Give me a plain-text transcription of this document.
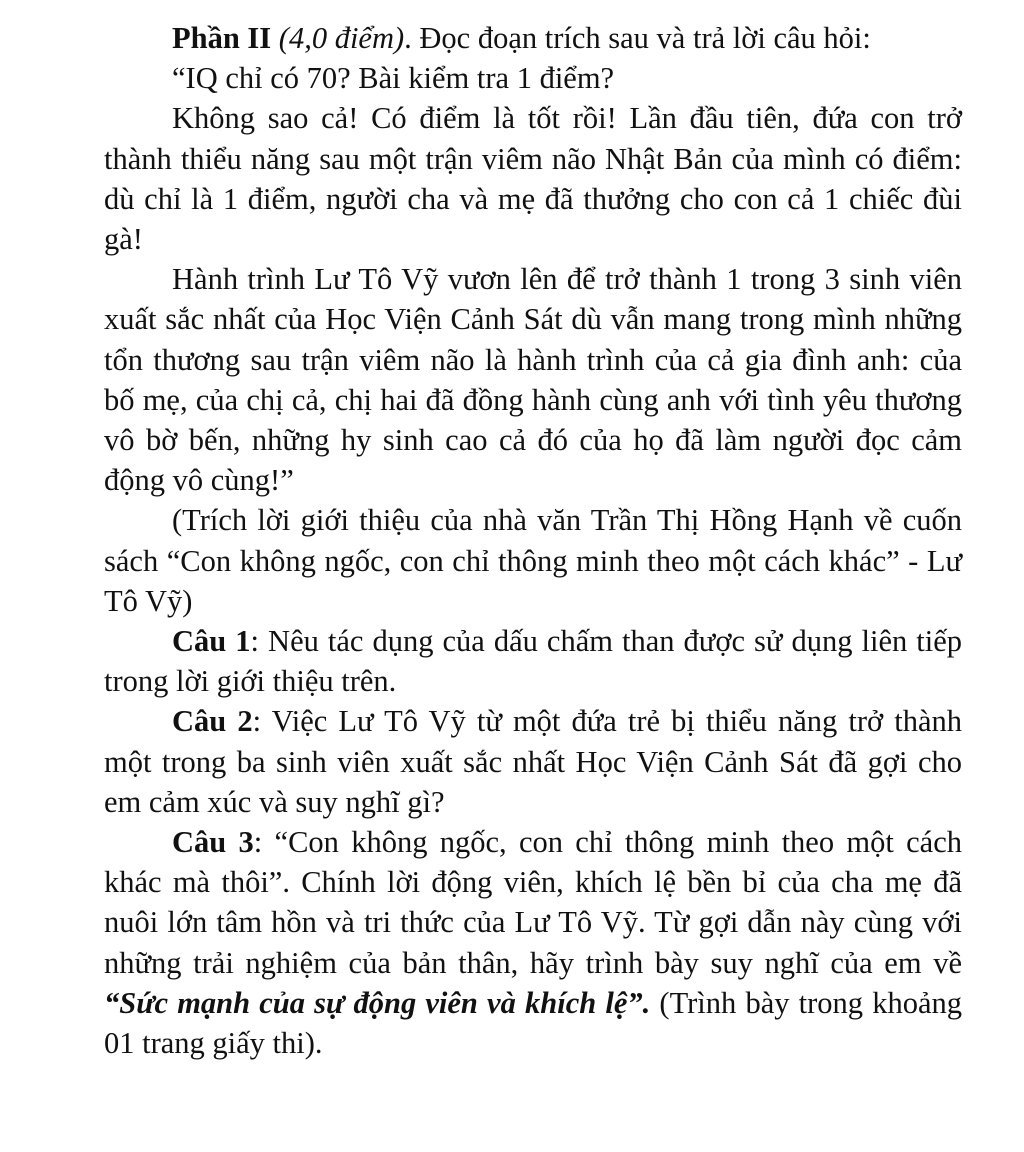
Phần II (4,0 điểm). Đọc đoạn trích sau và trả lời câu hỏi:

“IQ chỉ có 70? Bài kiểm tra 1 điểm?

Không sao cả! Có điểm là tốt rồi! Lần đầu tiên, đứa con trở thành thiểu năng sau một trận viêm não Nhật Bản của mình có điểm: dù chỉ là 1 điểm, người cha và mẹ đã thưởng cho con cả 1 chiếc đùi gà!

Hành trình Lư Tô Vỹ vươn lên để trở thành 1 trong 3 sinh viên xuất sắc nhất của Học Viện Cảnh Sát dù vẫn mang trong mình những tổn thương sau trận viêm não là hành trình của cả gia đình anh: của bố mẹ, của chị cả, chị hai đã đồng hành cùng anh với tình yêu thương vô bờ bến, những hy sinh cao cả đó của họ đã làm người đọc cảm động vô cùng!”

(Trích lời giới thiệu của nhà văn Trần Thị Hồng Hạnh về cuốn sách “Con không ngốc, con chỉ thông minh theo một cách khác” - Lư Tô Vỹ)

Câu 1: Nêu tác dụng của dấu chấm than được sử dụng liên tiếp trong lời giới thiệu trên.

Câu 2: Việc Lư Tô Vỹ từ một đứa trẻ bị thiểu năng trở thành một trong ba sinh viên xuất sắc nhất Học Viện Cảnh Sát đã gợi cho em cảm xúc và suy nghĩ gì?

Câu 3: “Con không ngốc, con chỉ thông minh theo một cách khác mà thôi”. Chính lời động viên, khích lệ bền bỉ của cha mẹ đã nuôi lớn tâm hồn và tri thức của Lư Tô Vỹ. Từ gợi dẫn này cùng với những trải nghiệm của bản thân, hãy trình bày suy nghĩ của em về “Sức mạnh của sự động viên và khích lệ”. (Trình bày trong khoảng 01 trang giấy thi).
